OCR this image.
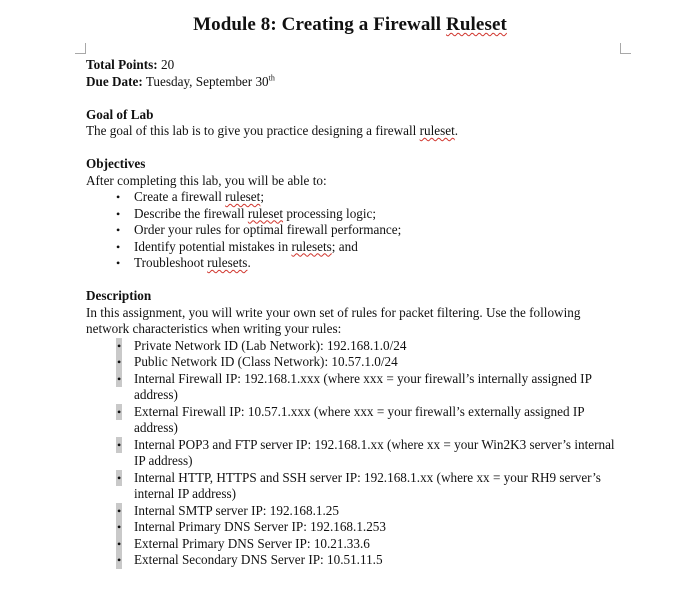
Module 8: Creating a Firewall Ruleset
Total Points: 20
Due Date: Tuesday, September 30th
Goal of Lab
The goal of this lab is to give you practice designing a firewall ruleset.
Objectives
After completing this lab, you will be able to:
• Create a firewall ruleset;
• Describe the firewall ruleset processing logic;
• Order your rules for optimal firewall performance;
• Identify potential mistakes in rulesets; and
• Troubleshoot rulesets.
Description
In this assignment, you will write your own set of rules for packet filtering. Use the following
network characteristics when writing your rules:
• Private Network ID (Lab Network): 192.168.1.0/24
• Public Network ID (Class Network): 10.57.1.0/24
• Internal Firewall IP: 192.168.1.xxx (where xxx = your firewall’s internally assigned IP address)
• External Firewall IP: 10.57.1.xxx (where xxx = your firewall’s externally assigned IP address)
• Internal POP3 and FTP server IP: 192.168.1.xx (where xx = your Win2K3 server’s internal IP address)
• Internal HTTP, HTTPS and SSH server IP: 192.168.1.xx (where xx = your RH9 server’s internal IP address)
• Internal SMTP server IP: 192.168.1.25
• Internal Primary DNS Server IP: 192.168.1.253
• External Primary DNS Server IP: 10.21.33.6
• External Secondary DNS Server IP: 10.51.11.5
